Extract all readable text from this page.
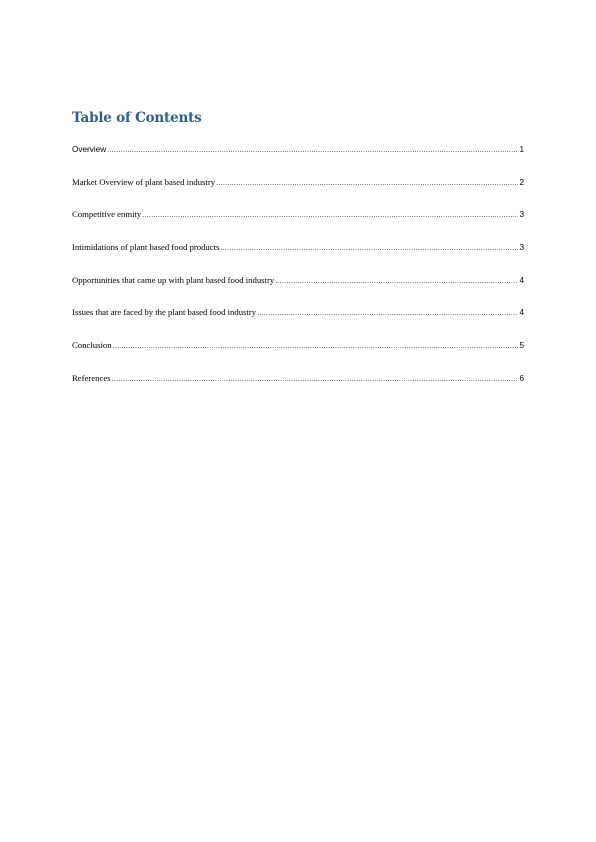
Table of Contents
Overview .....	1
Market Overview of plant based industry .....	2
Competitive enmity .....	3
Intimidations of plant based food products .....	3
Opportunities that came up with plant based food industry .....	4
Issues that are faced by the plant based food industry .....	4
Conclusion .....	5
References .....	6
